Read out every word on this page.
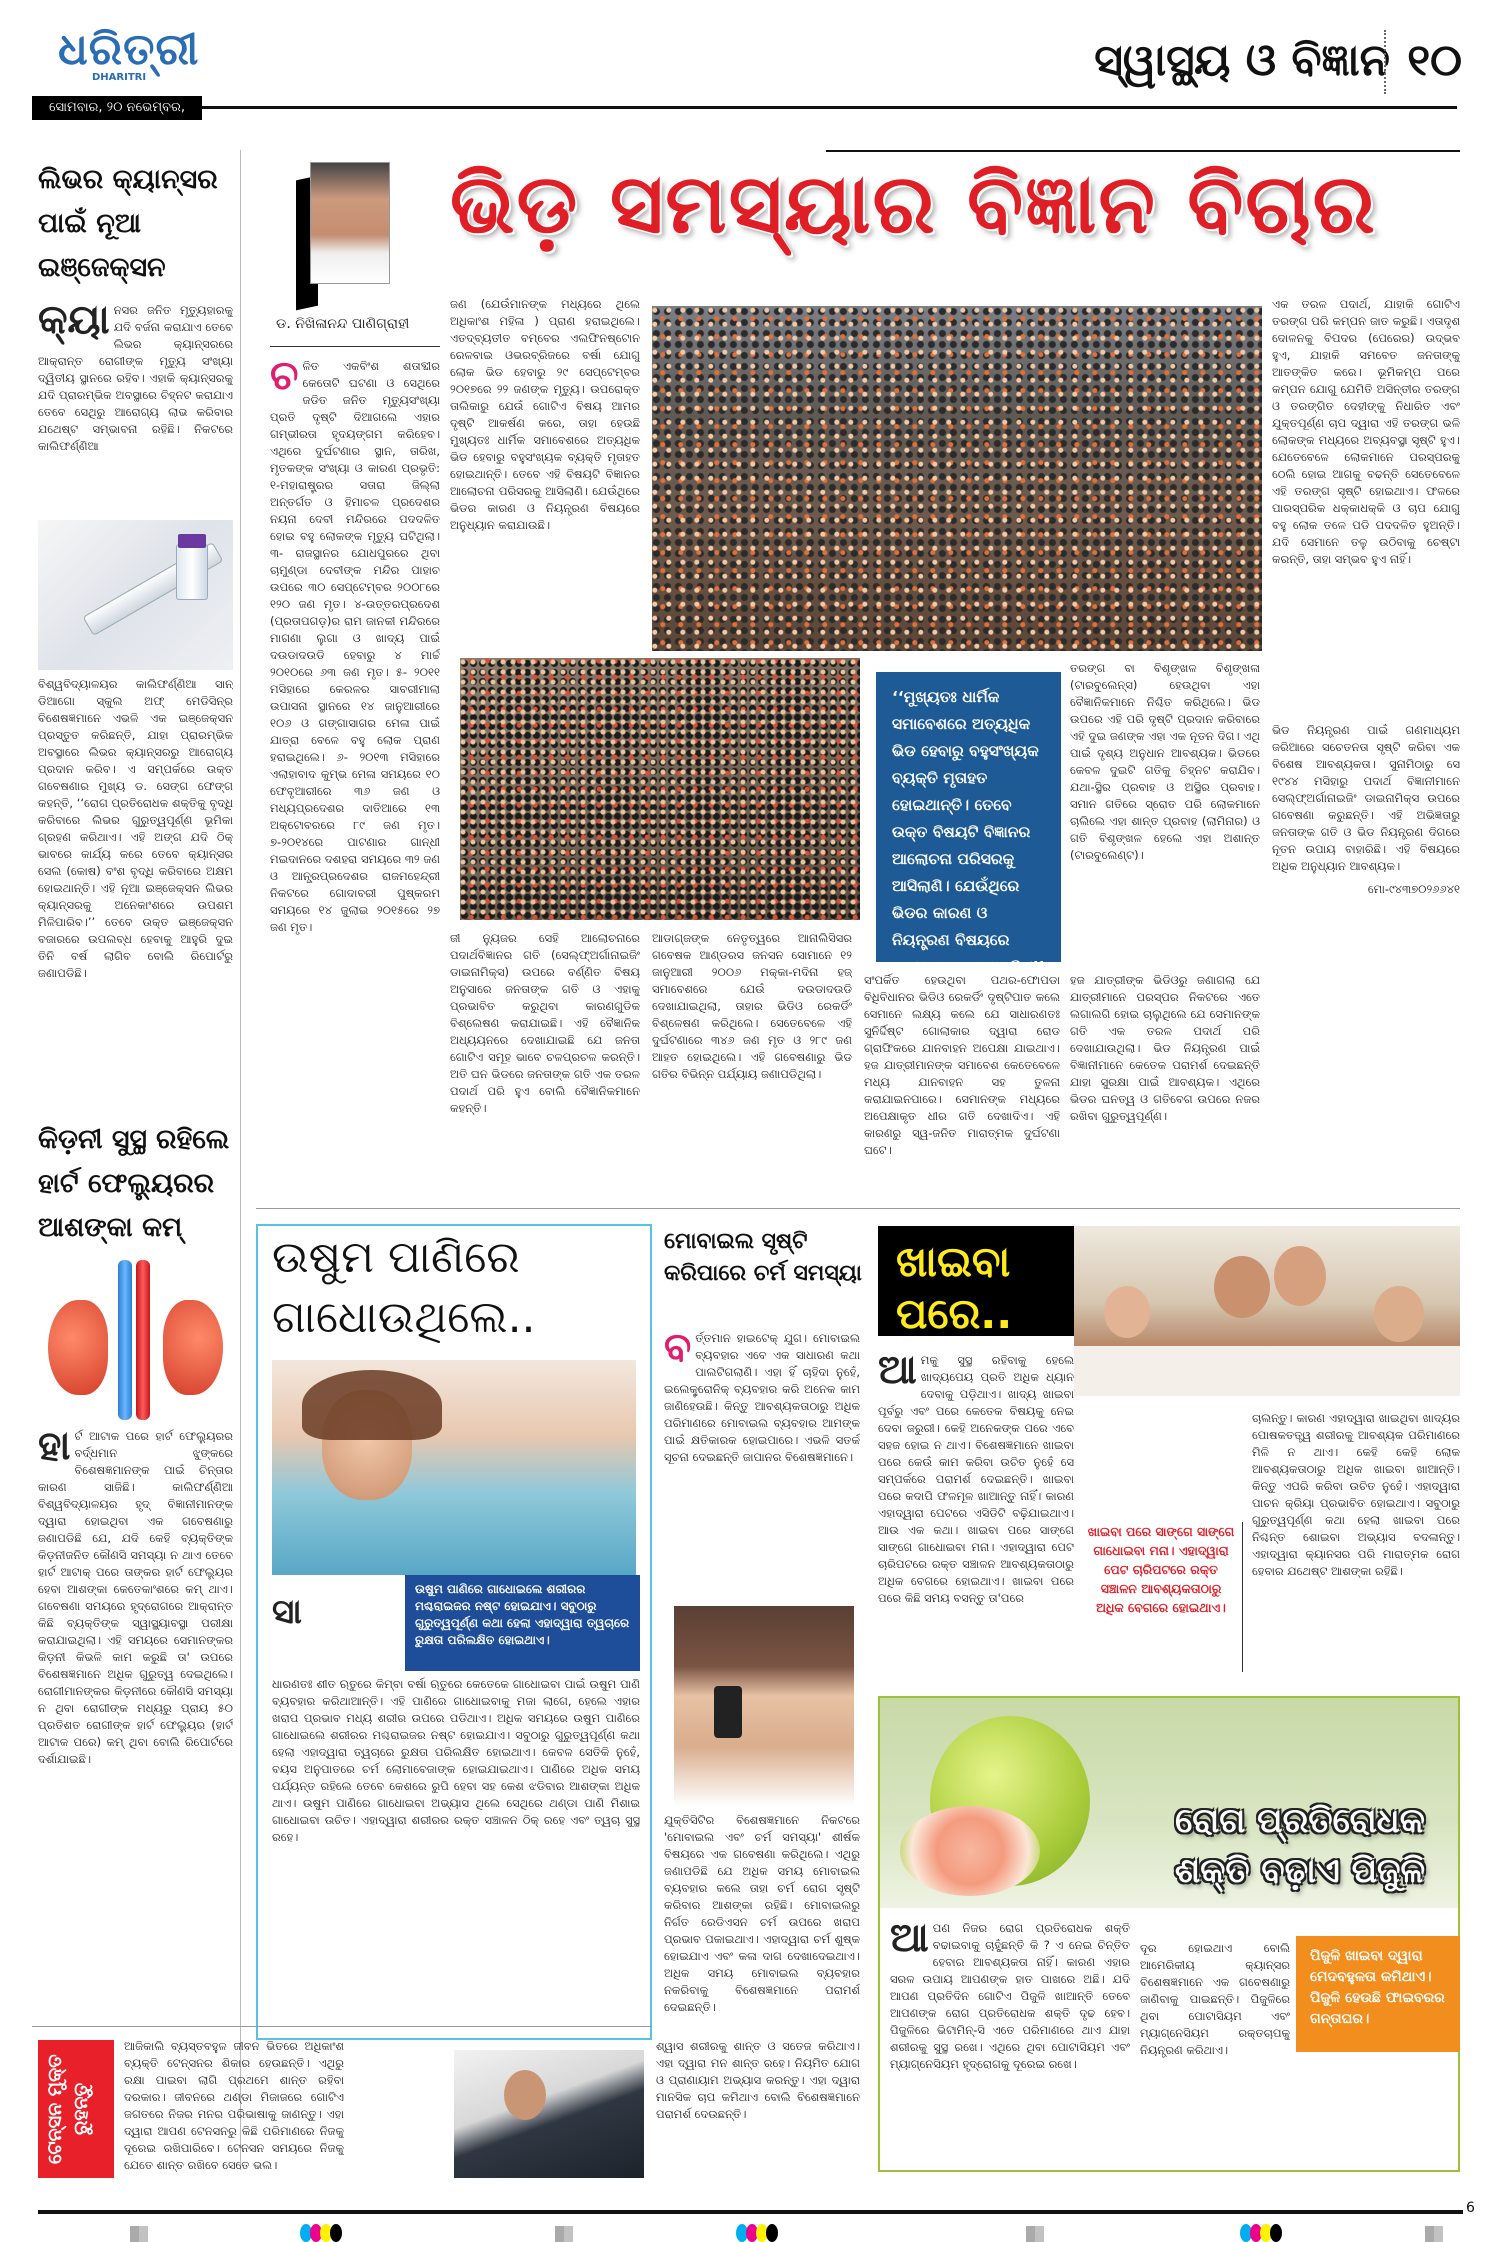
ଧରିତ୍ରୀ
DHARITRI
ସୋମବାର, ୨୦ ନଭେମ୍ବର, ୨୦୧୭
ସ୍ୱାସ୍ଥ୍ୟ ଓ ବିଜ୍ଞାନ ୧୦
ଲିଭର କ୍ୟାନ୍ସର ପାଇଁ ନୂଆ ଇଞ୍ଜେକ୍ସନ
କ୍ୟା ନସର ଜନିତ ମୃତ୍ୟୁହାରକୁ ଯଦି ବର୍ଜନା କରାଯାଏ ତେବେ ଲିଭର କ୍ୟାନ୍ସରରେ ଆକ୍ରାନ୍ତ ରୋଗୀଙ୍କ ମୃତ୍ୟୁ ସଂଖ୍ୟା ଦ୍ୱିତୀୟ ସ୍ଥାନରେ ରହିବ। ଏହାକି କ୍ୟାନ୍ସରକୁ ଯଦି ପ୍ରାରମ୍ଭିକ ଅବସ୍ଥାରେ ଚିହ୍ନଟ କରାଯାଏ ତେବେ ସେଥିରୁ ଆରୋଗ୍ୟ ଲାଭ କରିବାର ଯଥେଷ୍ଟ ସମ୍ଭାବନା ରହିଛି। ନିକଟରେ କାଲିଫର୍ଣ୍ଣିଆ
ବିଶ୍ୱବିଦ୍ୟାଳୟର କାଲିଫର୍ଣ୍ଣିଆ ସାନ୍ ଡିଆଗୋ ସ୍କୁଲ ଅଫ୍ ମେଡିସିନ୍ର ବିଶେଷଜ୍ଞମାନେ ଏଭଳି ଏକ ଇଞ୍ଜେକ୍ସନ ପ୍ରସ୍ତୁତ କରିଛନ୍ତି, ଯାହା ପ୍ରାରମ୍ଭିକ ଅବସ୍ଥାରେ ଲିଭର କ୍ୟାନ୍ସରରୁ ଆରୋଗ୍ୟ ପ୍ରଦାନ କରିବ। ଏ ସମ୍ପର୍କରେ ଉକ୍ତ ଗବେଷଣାର ମୁଖ୍ୟ ଡ. ସେଙ୍ଗ ଫେଙ୍ଗ କହନ୍ତି, ‘‘ରୋଗ ପ୍ରତିରୋଧକ ଶକ୍ତିକୁ ବୃଦ୍ଧି କରିବାରେ ଲିଭର ଗୁରୁତ୍ୱପୂର୍ଣ୍ଣ ଭୂମିକା ଗ୍ରହଣ କରିଥାଏ। ଏହି ଅଙ୍ଗ ଯଦି ଠିକ୍ ଭାବରେ କାର୍ଯ୍ୟ କରେ ତେବେ କ୍ୟାନ୍ସର ସେଲ (କୋଷ) ବଂଶ ବୃଦ୍ଧି କରିବାରେ ଅକ୍ଷମ ହୋଇଥାନ୍ତି। ଏହି ନୂଆ ଇଞ୍ଜେକ୍ସନ ଲିଭର କ୍ୟାନ୍ସରକୁ ଅନେକାଂଶରେ ଉପଶମ ମିଳିପାରିବ।’’ ତେବେ ଉକ୍ତ ଇଞ୍ଜେକ୍ସନ ବଜାରରେ ଉପଲବ୍ଧ ହେବାକୁ ଆହୁରି ଦୁଇ ତିନି ବର୍ଷ ଲାଗିବ ବୋଲି ରିପୋର୍ଟରୁ ଜଣାପଡିଛି।
କିଡ଼ନୀ ସୁସ୍ଥ ରହିଲେ ହାର୍ଟ ଫେଲ୍ୟୁରର ଆଶଙ୍କା କମ୍
ହା ର୍ଟ ଆଟାକ ପରେ ହାର୍ଟ ଫେଲ୍ୟୁରର ବର୍ଦ୍ଧମାନ ଝୁଙ୍କରେ ବିଶେଷଜ୍ଞମାନଙ୍କ ପାଇଁ ଚିନ୍ତାର କାରଣ ସାଜିଛି। କାଲିଫର୍ଣ୍ଣିଆ ବିଶ୍ୱବିଦ୍ୟାଳୟର ହୃଦ୍ ବିଜ୍ଞାନୀମାନଙ୍କ ଦ୍ୱାରା ହୋଇଥିବା ଏକ ଗବେଷଣାରୁ ଜଣାପଡିଛି ଯେ, ଯଦି କେହି ବ୍ୟକ୍ତିଙ୍କ କିଡ଼ନୀଜନିତ କୌଣସି ସମସ୍ୟା ନ ଥାଏ ତେବେ ହାର୍ଟ ଆଟାକ୍ ପରେ ତାଙ୍କର ହାର୍ଟ ଫେଲ୍ୟୁର ହେବା ଆଶଙ୍କା କେତେକାଂଶରେ କମ୍ ଥାଏ। ଗବେଷଣା ସମୟରେ ହୃଦ୍ରୋଗରେ ଆକ୍ରାନ୍ତ କିଛି ବ୍ୟକ୍ତିଙ୍କ ସ୍ୱାସ୍ଥ୍ୟାବସ୍ଥା ପରୀକ୍ଷା କରାଯାଇଥିଲା। ଏହି ସମୟରେ ସେମାନଙ୍କର କିଡ଼ନୀ କିଭଳି କାମ କରୁଛି ତା' ଉପରେ ବିଶେଷଜ୍ଞମାନେ ଅଧିକ ଗୁରୁତ୍ୱ ଦେଇଥିଲେ। ରୋଗୀମାନଙ୍କର କିଡ଼ନୀରେ କୌଣସି ସମସ୍ୟା ନ ଥିବା ରୋଗୀଙ୍କ ମଧ୍ୟରୁ ପ୍ରାୟ ୫୦ ପ୍ରତିଶତ ରୋଗୀଙ୍କ ହାର୍ଟ ଫେଲ୍ୟୁର (ହାର୍ଟ ଆଟାକ ପରେ) କମ୍ ଥିବା ବୋଲି ରିପୋର୍ଟରେ ଦର୍ଶାଯାଇଛି।
ଭିଡ଼ ସମସ୍ୟାର ବିଜ୍ଞାନ ବିଚାର
ଡ. ନିଖିଳାନନ୍ଦ ପାଣିଗ୍ରାହୀ
ଚ ଳିତ ଏକବିଂଶ ଶତାବ୍ଦୀର କେତୋଟି ଘଟଣା ଓ ସେଥିରେ ଜଡିତ ଜନିତ ମୃତ୍ୟୁସଂଖ୍ୟା ପ୍ରତି ଦୃଷ୍ଟି ଦିଆଗଲେ ଏହାର ଗମ୍ଭୀରତା ହୃଦୟଙ୍ଗମ କରିହେବ। ଏଥିରେ ଦୁର୍ଘଟଣାର ସ୍ଥାନ, ତାରିଖ, ମୃତକଙ୍କ ସଂଖ୍ୟା ଓ କାରଣ ପ୍ରଭୃତି: ୧-ମହାରାଷ୍ଟ୍ରର ସତାରା ଜିଲ୍ଲା ଅନ୍ତର୍ଗତ ଓ ହିମାଚଳ ପ୍ରଦେଶର ନୟନା ଦେବୀ ମନ୍ଦିରରେ ପଦଦଳିତ ହୋଇ ବହୁ ଲୋକଙ୍କ ମୃତ୍ୟୁ ଘଟିଥିଲା। ୩- ରାଜସ୍ଥାନର ଯୋଧପୁରରେ ଥିବା ଚାମୁଣ୍ଡା ଦେବୀଙ୍କ ମନ୍ଦିର ପାହାଚ ଉପରେ ୩୦ ସେପ୍ଟେମ୍ବର ୨୦୦୮ରେ ୧୨୦ ଜଣ ମୃତ। ୪-ଉତ୍ତରପ୍ରଦେଶ (ପ୍ରତାପଗଡ଼)ର ରାମ ଜାନକୀ ମନ୍ଦିରରେ ମାଗଣା ଲୁଗା ଓ ଖାଦ୍ୟ ପାଇଁ ଦଉଡାଦଉଡି ହେବାରୁ ୪ ମାର୍ଚ୍ଚ ୨୦୧୦ରେ ୬୩ ଜଣ ମୃତ। ୫- ୨୦୧୧ ମସିହାରେ କେରଳର ସାବରୀମାଲା ଉପାସନା ସ୍ଥାନରେ ୧୪ ଜାନୁଆରୀରେ ୧୦୬ ଓ ଗଙ୍ଗାସାଗର ମେଳା ପାଇଁ ଯାତ୍ରା ବେଳେ ବହୁ ଲୋକ ପ୍ରାଣ ହରାଇଥିଲେ। ୬- ୨୦୧୩ ମସିହାରେ ଏଲାହାବାଦ କୁମ୍ଭ ମେଳା ସମୟରେ ୧୦ ଫେବୃଆରୀରେ ୩୬ ଜଣ ଓ ମଧ୍ୟପ୍ରଦେଶର ଦାତିଆରେ ୧୩ ଅକ୍ଟୋବରରେ ୮୯ ଜଣ ମୃତ। ୭-୨୦୧୪ରେ ପାଟଣାର ଗାନ୍ଧୀ ମଇଦାନରେ ଦଶହରା ସମୟରେ ୩୨ ଜଣ ଓ ଆନ୍ଧ୍ରପ୍ରଦେଶର ରାଜମହେନ୍ଦ୍ରୀ ନିକଟରେ ଗୋଦାବରୀ ପୁଷ୍କରମ ସମୟରେ ୧୪ ଜୁଲାଇ ୨୦୧୫ରେ ୨୭ ଜଣ ମୃତ।
ଜଣ (ଯେଉଁମାନଙ୍କ ମଧ୍ୟରେ ଥିଲେ ଅଧିକାଂଶ ମହିଳା ) ପ୍ରାଣ ହରାଇଥିଲେ। ଏତଦ୍‌ବ୍ୟତୀତ ବମ୍ବେର ଏଲଫିନଷ୍ଟୋନ ରେଳବାଇ ଓଭରବ୍ରିଜରେ ବର୍ଷା ଯୋଗୁ ଲୋକ ଭିଡ ହେବାରୁ ୨୯ ସେପ୍ଟେମ୍ବର ୨୦୧୭ରେ ୨୨ ଜଣଙ୍କ ମୃତ୍ୟୁ। ଉପରୋକ୍ତ ତାଲିକାରୁ ଯେଉଁ ଗୋଟିଏ ବିଷୟ ଆମର ଦୃଷ୍ଟି ଆକର୍ଷଣ କରେ, ତାହା ହେଉଛି ମୁଖ୍ୟତଃ ଧାର୍ମିକ ସମାବେଶରେ ଅତ୍ୟଧିକ ଭିଡ ହେବାରୁ ବହୁସଂଖ୍ୟକ ବ୍ୟକ୍ତି ମୃତାହତ ହୋଇଥାନ୍ତି। ତେବେ ଏହି ବିଷୟଟି ବିଜ୍ଞାନର ଆଲୋଚନା ପରିସରକୁ ଆସିଲାଣି। ଯେଉଁଥିରେ ଭିଡର କାରଣ ଓ ନିୟନ୍ତ୍ରଣ ବିଷୟରେ ଅନୁଧ୍ୟାନ କରାଯାଉଛି।
ଏକ ତରଳ ପଦାର୍ଥ, ଯାହାକି ଗୋଟିଏ ତରଙ୍ଗ ପରି କମ୍ପନ ଜାତ କରୁଛି। ଏତାଦୃଶ ଦୋଳନକୁ ବିପଦର (ପେରେର) ଉଦ୍ଭବ ହୁଏ, ଯାହାକି ସମବେତ ଜନତାଙ୍କୁ ଆତଙ୍କିତ କରେ। ଭୂମିକମ୍ପ ପରେ କମ୍ପନ ଯୋଗୁ ଯେମିତି ଅସିନ୍ତୀର ତରଙ୍ଗ ଓ ତରଙ୍ଗିତ ଦେହୀଙ୍କୁ ନିଧାରିତ ଏବଂ ଯୁକ୍ତପୂର୍ଣ୍ଣ ଚାପ ଦ୍ୱାରା ଏହି ତରଙ୍ଗ ଭଳି ଲୋକଙ୍କ ମଧ୍ୟରେ ଅବ୍ୟବସ୍ଥା ସୃଷ୍ଟି ହୁଏ। ଯେତେବେଳେ ଲୋକମାନେ ପରସ୍ପରକୁ ଠେଲି ହୋଇ ଆଗକୁ ବଢନ୍ତି ସେତେବେଳେ ଏହି ତରଙ୍ଗ ସୃଷ୍ଟି ହୋଇଥାଏ। ଫଳରେ ପାରସ୍ପରିକ ଧକ୍କାଧକ୍କି ଓ ଚାପ ଯୋଗୁ ବହୁ ଲୋକ ତଳେ ପଡି ପଦଦଳିତ ହୁଅନ୍ତି। ଯଦି ସେମାନେ ତଳୁ ଉଠିବାକୁ ଚେଷ୍ଟା କରନ୍ତି, ତାହା ସମ୍ଭବ ହୁଏ ନାହିଁ।
‘‘ମୁଖ୍ୟତଃ ଧାର୍ମିକ ସମାବେଶରେ ଅତ୍ୟଧିକ ଭିଡ ହେବାରୁ ବହୁସଂଖ୍ୟକ ବ୍ୟକ୍ତି ମୃତାହତ ହୋଇଥାନ୍ତି। ତେବେ ଉକ୍ତ ବିଷୟଟି ବିଜ୍ଞାନର ଆଲୋଚନା ପରିସରକୁ ଆସିଲାଣି। ଯେଉଁଥିରେ ଭିଡର କାରଣ ଓ ନିୟନ୍ତ୍ରଣ ବିଷୟରେ ଅନୁଧ୍ୟାନ କରାଯାଇଛି ।’’
ତରଙ୍ଗ ବା ବିଶୃଙ୍ଖଳ ବିଶୃଙ୍ଖଳା (ଟାରବୁଲେନ୍ସ) ହେଉଥିବା ଏହା ବୈଜ୍ଞାନିକମାନେ ନିଶ୍ଚିତ କରିଥିଲେ। ଭିଡ ଉପରେ ଏହି ପରି ଦୃଷ୍ଟି ପ୍ରଦାନ କରିବାରେ ଏହି ଦୁଇ ଜଣଙ୍କ ଏହା ଏକ ନୂତନ ଦିଗ। ଏଥି ପାଇଁ ଦୃଶ୍ୟ ଅନୁଧାନ ଆବଶ୍ୟକ। ଭିଡରେ କେବଳ ଦୁଇଟି ଗତିକୁ ଚିହ୍ନଟ କରାଯିବ। ଯଥା-ସ୍ଥିର ପ୍ରବାହ ଓ ଅସ୍ଥିର ପ୍ରବାହ। ସମାନ ଗତିରେ ସ୍ରୋତ ପରି ଲୋକମାନେ ଚାଲିଲେ ଏହା ଶାନ୍ତ ପ୍ରବାହ (ଲାମିନାର) ଓ ଗତି ବିଶୃଙ୍ଖଳ ହେଲେ ଏହା ଅଶାନ୍ତ (ଟାରବୁଲେଣ୍ଟ)।
ଭିଡ ନିୟନ୍ତ୍ରଣ ପାଇଁ ଗଣମାଧ୍ୟମ ଜରିଆରେ ସଚେତନତା ସୃଷ୍ଟି କରିବା ଏକ ବିଶେଷ ଆବଶ୍ୟକତା। ସୁନାମିଠାରୁ ସେ ୧୯୪୪ ମସିହାରୁ ପଦାର୍ଥ ବିଜ୍ଞାନୀମାନେ ସେଲ୍ଫ୍‌ଅର୍ଗାନାଇଜିଂ ଡାଇନାମିକ୍ସ ଉପରେ ଗବେଷଣା କରୁଛନ୍ତି। ଏହି ଅଭିଜ୍ଞତାରୁ ଜନତାଙ୍କ ଗତି ଓ ଭିଡ ନିୟନ୍ତ୍ରଣ ଦିଗରେ ନୂତନ ଉପାୟ ବାହାରିଛି। ଏହି ବିଷୟରେ ଅଧିକ ଅନୁଧ୍ୟାନ ଆବଶ୍ୟକ।

ମୋ-୯୪୩୭୦୨୬୬୪୧
ଜୀ ନ୍ୟୁଜର ସେହି ଆଲୋଚନାରେ ପଦାର୍ଥବିଜ୍ଞାନର ଗତି (ସେଲ୍ଫ୍‌ଅର୍ଗାନାଇଜିଂ ଡାଇନାମିକ୍ସ) ଉପରେ ବର୍ଣ୍ଣିତ ବିଷୟ ଅନୁସାରେ ଜନତାଙ୍କ ଗତି ଓ ଏହାକୁ ପ୍ରଭାବିତ କରୁଥିବା କାରଣଗୁଡିକ ବିଶ୍ଲେଷଣ କରାଯାଇଛି। ଏହି ବୈଜ୍ଞାନିକ ଅଧ୍ୟୟନରେ ଦେଖାଯାଇଛି ଯେ ଜନତା ଗୋଟିଏ ସମୂହ ଭାବେ ଚଳପ୍ରଚଳ କରନ୍ତି। ଅତି ଘନ ଭିଡରେ ଜନତାଙ୍କ ଗତି ଏକ ତରଳ ପଦାର୍ଥ ପରି ହୁଏ ବୋଲି ବୈଜ୍ଞାନିକମାନେ କହନ୍ତି।
ଆଡାଗ୍‌ଜଙ୍କ ନେତୃତ୍ୱରେ ଆନାଲିସିସର ଗବେଷକ ଆଣ୍ଡରସ ଜନସନ ସୋମାନେ ୧୨ ଜାନୁଆରୀ ୨୦୦୬ ମକ୍କା-ମଦିନା ହଜ୍ ସମାବେଶରେ ଯେଉଁ ଦଉଡାଦଉଡି ଦେଖାଯାଇଥିଲା, ତାହାର ଭିଡିଓ ରେକର୍ଡିଂ ବିଶ୍ଳେଷଣ କରିଥିଲେ। ସେତେବେଳେ ଏହି ଦୁର୍ଘଟଣାରେ ୩୪୬ ଜଣ ମୃତ ଓ ୨୮୯ ଜଣ ଆହତ ହୋଇଥିଲେ। ଏହି ଗବେଷଣାରୁ ଭିଡ ଗତିର ବିଭିନ୍ନ ପର୍ଯ୍ୟାୟ ଜଣାପଡିଥିଲା।
ସଂପର୍କିତ ହେଉଥିବା ପଥର-ଫୋପଡା ବିଧିବିଧାନର ଭିଡିଓ ରେକର୍ଡିଂ ଦୃଷ୍ଟିପାତ କଲେ ସେମାନେ ଲକ୍ଷ୍ୟ କଲେ ଯେ ସାଧାରଣତଃ ସୁନିର୍ଦ୍ଦିଷ୍ଟ ଗୋଲାକାର ଦ୍ୱାରା ରୋଡ ଗ୍ରାଫିକରେ ଯାନବାହନ ଅପେକ୍ଷା ଯାଇଥାଏ। ହଜ ଯାତ୍ରୀମାନଙ୍କ ସମାବେଶ କେତେବେଳେ ମଧ୍ୟ ଯାନବାହନ ସହ ତୁଳନା କରାଯାଇନପାରେ। ସେମାନଙ୍କ ମଧ୍ୟରେ ଅପେକ୍ଷାକୃତ ଧୀର ଗତି ଦେଖାଦିଏ। ଏହି କାରଣରୁ ସ୍ୱ-ଜନିତ ମାରାତ୍ମକ ଦୁର୍ଘଟଣା ଘଟେ।
ହଜ ଯାତ୍ରୀଙ୍କ ଭିଡିଓରୁ ଜଣାଗଲା ଯେ ଯାତ୍ରୀମାନେ ପରସ୍ପର ନିକଟରେ ଏତେ ଲଗାଲଗି ହୋଇ ଚାଲୁଥିଲେ ଯେ ସେମାନଙ୍କ ଗତି ଏକ ତରଳ ପଦାର୍ଥ ପରି ଦେଖାଯାଉଥିଲା। ଭିଡ ନିୟନ୍ତ୍ରଣ ପାଇଁ ବିଜ୍ଞାନୀମାନେ କେତେକ ପରାମର୍ଶ ଦେଇଛନ୍ତି ଯାହା ସୁରକ୍ଷା ପାଇଁ ଆବଶ୍ୟକ। ଏଥିରେ ଭିଡର ଘନତ୍ୱ ଓ ଗତିବେଗ ଉପରେ ନଜର ରଖିବା ଗୁରୁତ୍ୱପୂର୍ଣ୍ଣ।
ଉଷୁମ ପାଣିରେ
ଗାଧୋଉଥିଲେ..
ଉଷୁମ ପାଣିରେ ଗାଧୋଇଲେ ଶରୀରର ମଶ୍ଚରାଇଜର ନଷ୍ଟ ହୋଇଯାଏ। ସବୁଠାରୁ ଗୁରୁତ୍ୱପୂର୍ଣ୍ଣ କଥା ହେଲା ଏହାଦ୍ୱାରା ତ୍ୱଚାରେ ରୁକ୍ଷତା ପରିଲକ୍ଷିତ ହୋଇଥାଏ।
ସା
ଧାରଣତଃ ଶୀତ ଋତୁରେ କିମ୍ବା ବର୍ଷା ଋତୁରେ କେତେକେ ଗାଧୋଇବା ପାଇଁ ଉଷୁମ ପାଣି ବ୍ୟବହାର କରିଥାଆନ୍ତି। ଏହି ପାଣିରେ ଗାଧୋଇବାକୁ ମଜା ଲାଗେ, ହେଲେ ଏହାର ଖରାପ ପ୍ରଭାବ ମଧ୍ୟ ଶରୀର ଉପରେ ପଡିଥାଏ। ଅଧିକ ସମୟରେ ଉଷୁମ ପାଣିରେ ଗାଧୋଇଲେ ଶରୀରର ମଶ୍ଚରାଇଜର ନଷ୍ଟ ହୋଇଯାଏ। ସବୁଠାରୁ ଗୁରୁତ୍ୱପୂର୍ଣ୍ଣ କଥା ହେଲା ଏହାଦ୍ୱାରା ତ୍ୱଚାରେ ରୁକ୍ଷତା ପରିଲକ୍ଷିତ ହୋଇଥାଏ। କେବଳ ସେତିକି ନୁହେଁ, ବୟସ ଅନୁପାତରେ ଚର୍ମ ଲୋମାବେଜାଙ୍କ ହୋଇଯାଇଥାଏ। ପାଣିରେ ଅଧିକ ସମୟ ପର୍ଯ୍ୟନ୍ତ ରହିଲେ ତେବେ କେଶରେ ରୁପି ହେବା ସହ କେଶ ଝଡିବାର ଆଶଙ୍କା ଅଧିକ ଥାଏ। ଉଷୁମ ପାଣିରେ ଗାଧୋଇବା ଅଭ୍ୟାସ ଥିଲେ ସେଥିରେ ଥଣ୍ଡା ପାଣି ମିଶାଇ ଗାଧୋଇବା ଉଚିତ। ଏହାଦ୍ୱାରା ଶରୀରର ରକ୍ତ ସଞ୍ଚାଳନ ଠିକ୍ ରହେ ଏବଂ ତ୍ୱଚା ସୁସ୍ଥ ରହେ।
ମୋବାଇଲ ସୃଷ୍ଟି କରିପାରେ ଚର୍ମ ସମସ୍ୟା
ବ ର୍ତ୍ତମାନ ହାଇଟେକ୍ ଯୁଗ। ମୋବାଇଲ ବ୍ୟବହାର ଏବେ ଏକ ସାଧାରଣ କଥା ପାଲଟିଗଲାଣି। ଏହା ହିଁ ଚାହିଦା ନୁହେଁ, ଇଲେକ୍ଟ୍ରୋନିକ୍ ବ୍ୟବହାର କରି ଅନେକ କାମ ଜାଣିହେଉଛି। କିନ୍ତୁ ଆବଶ୍ୟକତାଠାରୁ ଅଧିକ ପରିମାଣରେ ମୋବାଇଲ ବ୍ୟବହାର ଆମଙ୍କ ପାଇଁ କ୍ଷତିକାରକ ହୋଇପାରେ। ଏଭଳି ସତର୍କ ସୂଚନା ଦେଇଛନ୍ତି ଜାପାନର ବିଶେଷଜ୍ଞମାନେ।
ଯୁକ୍ତିସିଟିର ବିଶେଷଜ୍ଞମାନେ ନିକଟରେ 'ମୋବାଇଲ ଏବଂ ଚର୍ମ ସମସ୍ୟା' ଶୀର୍ଷକ ବିଷୟରେ ଏକ ଗବେଷଣା କରିଥିଲେ। ଏଥିରୁ ଜଣାପଡିଛି ଯେ ଅଧିକ ସମୟ ମୋବାଇଲ ବ୍ୟବହାର କଲେ ତାହା ଚର୍ମ ରୋଗ ସୃଷ୍ଟି କରିବାର ଆଶଙ୍କା ରହିଛି। ମୋବାଇଲରୁ ନିର୍ଗତ ରେଡିଏସନ ଚର୍ମ ଉପରେ ଖରାପ ପ୍ରଭାବ ପକାଇଥାଏ। ଏହାଦ୍ୱାରା ଚର୍ମ ଶୁଷ୍କ ହୋଇଯାଏ ଏବଂ କଳା ଦାଗ ଦେଖାଦେଇଥାଏ। ଅଧିକ ସମୟ ମୋବାଇଲ ବ୍ୟବହାର ନକରିବାକୁ ବିଶେଷଜ୍ଞମାନେ ପରାମର୍ଶ ଦେଇଛନ୍ତି।
ଖାଇବା ପରେ..
ଆ ମକୁ ସୁସ୍ଥ ରହିବାକୁ ହେଲେ ଖାଦ୍ୟପେୟ ପ୍ରତି ଅଧିକ ଧ୍ୟାନ ଦେବାକୁ ପଡ଼ିଥାଏ। ଖାଦ୍ୟ ଖାଇବା ପୂର୍ବରୁ ଏବଂ ପରେ କେତେକ ବିଷୟକୁ ନେଇ ଦେବା ଜରୁରୀ। କେହି ଅନେକଙ୍କ ପରେ ଏବେ ସହଜ ହୋଇ ନ ଥାଏ। ବିଶେଷଜ୍ଞମାନେ ଖାଇବା ପରେ କେଉଁ କାମ କରିବା ଉଚିତ ନୁହେଁ ସେ ସମ୍ପର୍କରେ ପରାମର୍ଶ ଦେଇଛନ୍ତି। ଖାଇବା ପରେ କଦାପି ଫଳମୂଳ ଖାଆନ୍ତୁ ନାହିଁ। କାରଣ ଏହାଦ୍ୱାରା ପେଟରେ ଏସିଡିଟି ବଢ଼ିଯାଇଥାଏ। ଆଉ ଏକ କଥା। ଖାଇବା ପରେ ସାଙ୍ଗେ ସାଙ୍ଗେ ଗାଧୋଇବା ମନା। ଏହାଦ୍ୱାରା ପେଟ ଚାରିପଟରେ ରକ୍ତ ସଞ୍ଚାଳନ ଆବଶ୍ୟକତାଠାରୁ ଅଧିକ ବେଗରେ ହୋଇଥାଏ। ଖାଇବା ପରେ ପରେ କିଛି ସମୟ ବସନ୍ତୁ ତା'ପରେ
ଖାଇବା ପରେ ସାଙ୍ଗେ ସାଙ୍ଗେ ଗାଧୋଇବା ମନା। ଏହାଦ୍ୱାରା ପେଟ ଚାରିପଟରେ ରକ୍ତ ସଞ୍ଚାଳନ ଆବଶ୍ୟକତାଠାରୁ ଅଧିକ ବେଗରେ ହୋଇଥାଏ।
ଚାଲନ୍ତୁ। କାରଣ ଏହାଦ୍ୱାରା ଖାଇଥିବା ଖାଦ୍ୟର ପୋଷକତତ୍ତ୍ୱ ଶରୀରକୁ ଆବଶ୍ୟକ ପରିମାଣରେ ମିଳି ନ ଥାଏ। କେହି କେହି ଲୋକ ଆବଶ୍ୟକତାଠାରୁ ଅଧିକ ଖାଇବା ଖାଆନ୍ତି। କିନ୍ତୁ ଏପରି କରିବା ଉଚିତ ନୁହେଁ। ଏହାଦ୍ୱାରା ପାଚନ କ୍ରିୟା ପ୍ରଭାବିତ ହୋଇଥାଏ। ସବୁଠାରୁ ଗୁରୁତ୍ୱପୂର୍ଣ୍ଣ କଥା ହେଲା ଖାଇବା ପରେ ନିଶ୍ଚନ୍ତ ଶୋଇବା ଅଭ୍ୟାସ ବଦଳାନ୍ତୁ। ଏହାଦ୍ୱାରା କ୍ୟାନସର ପରି ମାରାତ୍ମକ ରୋଗ ହେବାର ଯଥେଷ୍ଟ ଆଶଙ୍କା ରହିଛି।
ରୋଗ ପ୍ରତିରୋଧକ
ଶକ୍ତି ବଢ଼ାଏ ପିଜୁଳି
ପିଜୁଳି ଖାଇବା ଦ୍ୱାରା ମେଦବହୁଳତା କମିଥାଏ। ପିଜୁଳି ହେଉଛି ଫାଇବରର ଗନ୍ତାଘର।
ଆ ପଣ ନିଜର ରୋଗ ପ୍ରତିରୋଧକ ଶକ୍ତି ବଢାଇବାକୁ ଚାହୁଁଛନ୍ତି କି ? ଏ ନେଇ ଚିନ୍ତିତ ହେବାର ଆବଶ୍ୟକତା ନାହିଁ। କାରଣ ଏହାର ସରଳ ଉପାୟ ଆପଣଙ୍କ ହାତ ପାଖରେ ଅଛି। ଯଦି ଆପଣ ପ୍ରତିଦିନ ଗୋଟିଏ ପିଜୁଳି ଖାଆନ୍ତି ତେବେ ଆପଣଙ୍କ ରୋଗ ପ୍ରତିରୋଧକ ଶକ୍ତି ଦୃଢ ହେବ। ପିଜୁଳିରେ ଭିଟାମିନ୍-ସି ଏତେ ପରିମାଣରେ ଥାଏ ଯାହା ଶରୀରକୁ ସୁସ୍ଥ ରଖେ। ଏଥିରେ ଥିବା ପୋଟାସିୟମ ଏବଂ ମ୍ୟାଗ୍ନେସିୟମ ହୃଦ୍‌ରୋଗକୁ ଦୂରେଇ ରଖେ।
ଦୂର ହୋଇଥାଏ ବୋଲି ଆମେରିକୀୟ କ୍ୟାନ୍ସର ବିଶେଷଜ୍ଞମାନେ ଏକ ଗବେଷଣାରୁ ଜାଣିବାକୁ ପାଇଛନ୍ତି। ପିଜୁଳିରେ ଥିବା ପୋଟାସିୟମ ଏବଂ ମ୍ୟାଗ୍ନେସିୟମ ରକ୍ତଚାପକୁ ନିୟନ୍ତ୍ରଣ କରିଥାଏ।
ଟେନ୍‌ସନ ମୁକ୍ତ ରୁହନ୍ତୁ
ଆଜିକାଲି ବ୍ୟସ୍ତବହୁଳ ଜୀବନ ଭିତରେ ଅଧିକାଂଶ ବ୍ୟକ୍ତି ଟେନ୍‌ସନର ଶିକାର ହେଉଛନ୍ତି। ଏଥିରୁ ରକ୍ଷା ପାଇବା ଲାଗି ପ୍ରଥମେ ଶାନ୍ତ ରହିବା ଦରକାର। ଜୀବନରେ ଥଣ୍ଡା ମିଜାଜରେ ଗୋଟିଏ ଜଗତରେ ନିଜର ମନର ପରିଭାଷାକୁ ଜାଣନ୍ତୁ। ଏହା ଦ୍ୱାରା ଆପଣ ଟେନସନରୁ କିଛି ପରିମାଣରେ ନିଜକୁ ଦୂରେଇ ରଖିପାରିବେ। ଟେନସନ ସମୟରେ ନିଜକୁ ଯେତେ ଶାନ୍ତ ରଖିବେ ସେତେ ଭଲ।
ଶ୍ୱାସ ଶରୀରକୁ ଶାନ୍ତ ଓ ସତେଜ କରିଥାଏ। ଏହା ଦ୍ୱାରା ମନ ଶାନ୍ତ ରହେ। ନିୟମିତ ଯୋଗ ଓ ପ୍ରାଣାୟାମ ଅଭ୍ୟାସ କରନ୍ତୁ। ଏହା ଦ୍ୱାରା ମାନସିକ ଚାପ କମିଥାଏ ବୋଲି ବିଶେଷଜ୍ଞମାନେ ପରାମର୍ଶ ଦେଉଛନ୍ତି।
6
